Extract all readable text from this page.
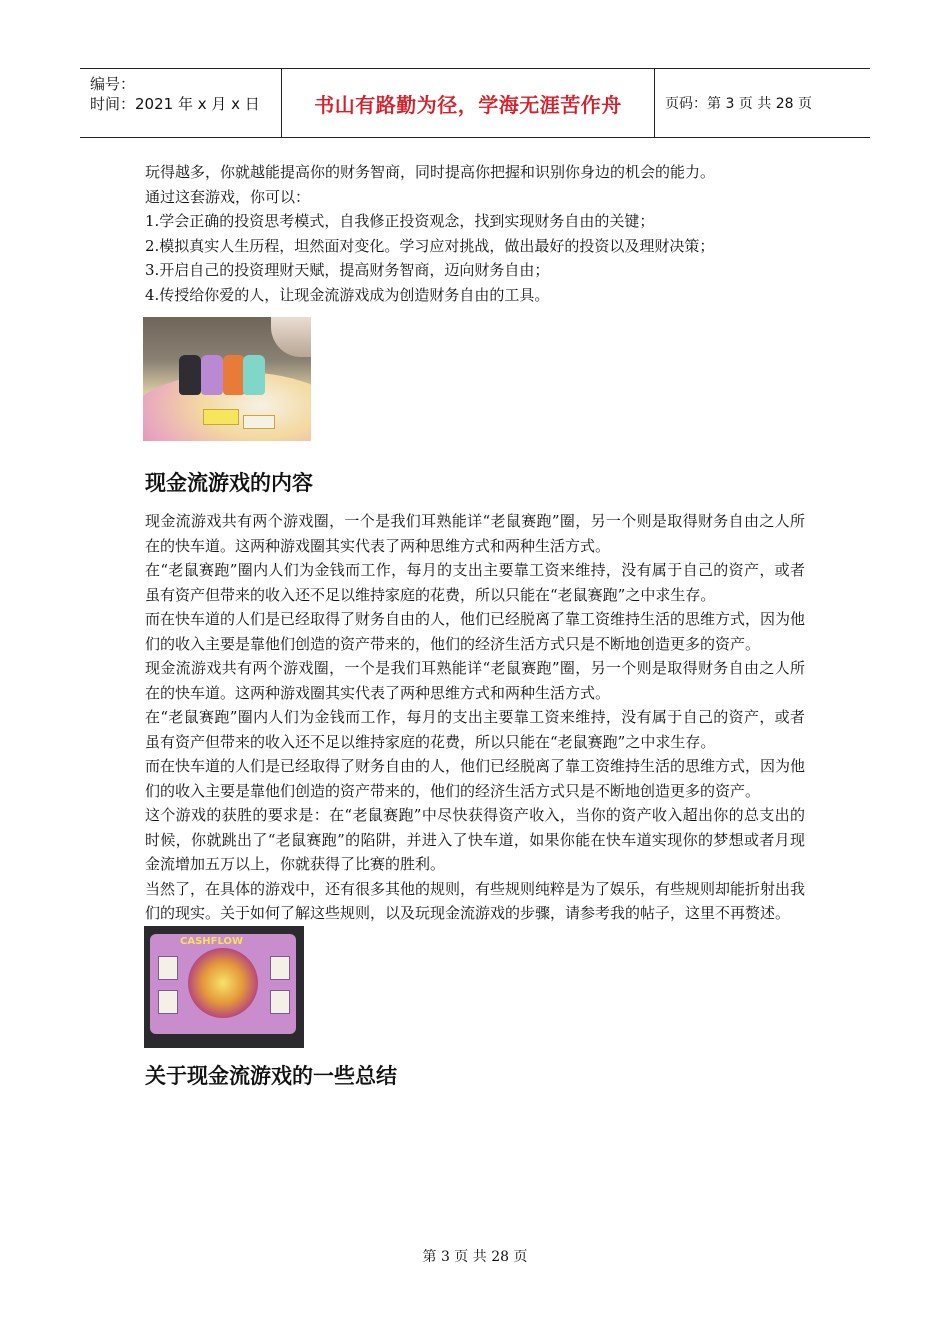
编号：
时间：2021 年 x 月 x 日	书山有路勤为径，学海无涯苦作舟	页码：第 3 页 共 28 页

玩得越多，你就越能提高你的财务智商，同时提高你把握和识别你身边的机会的能力。

通过这套游戏，你可以：

1.学会正确的投资思考模式，自我修正投资观念，找到实现财务自由的关键；

2.模拟真实人生历程，坦然面对变化。学习应对挑战，做出最好的投资以及理财决策；

3.开启自己的投资理财天赋，提高财务智商，迈向财务自由；

4.传授给你爱的人，让现金流游戏成为创造财务自由的工具。

现金流游戏的内容

现金流游戏共有两个游戏圈，一个是我们耳熟能详“老鼠赛跑”圈，另一个则是取得财务自由之人所在的快车道。这两种游戏圈其实代表了两种思维方式和两种生活方式。

在“老鼠赛跑”圈内人们为金钱而工作，每月的支出主要靠工资来维持，没有属于自己的资产，或者虽有资产但带来的收入还不足以维持家庭的花费，所以只能在“老鼠赛跑”之中求生存。

而在快车道的人们是已经取得了财务自由的人，他们已经脱离了靠工资维持生活的思维方式，因为他们的收入主要是靠他们创造的资产带来的，他们的经济生活方式只是不断地创造更多的资产。

现金流游戏共有两个游戏圈，一个是我们耳熟能详“老鼠赛跑”圈，另一个则是取得财务自由之人所在的快车道。这两种游戏圈其实代表了两种思维方式和两种生活方式。

在“老鼠赛跑”圈内人们为金钱而工作，每月的支出主要靠工资来维持，没有属于自己的资产，或者虽有资产但带来的收入还不足以维持家庭的花费，所以只能在“老鼠赛跑”之中求生存。

而在快车道的人们是已经取得了财务自由的人，他们已经脱离了靠工资维持生活的思维方式，因为他们的收入主要是靠他们创造的资产带来的，他们的经济生活方式只是不断地创造更多的资产。

这个游戏的获胜的要求是：在“老鼠赛跑”中尽快获得资产收入，当你的资产收入超出你的总支出的时候，你就跳出了“老鼠赛跑”的陷阱，并进入了快车道，如果你能在快车道实现你的梦想或者月现金流增加五万以上，你就获得了比赛的胜利。

当然了，在具体的游戏中，还有很多其他的规则，有些规则纯粹是为了娱乐，有些规则却能折射出我们的现实。关于如何了解这些规则，以及玩现金流游戏的步骤，请参考我的帖子，这里不再赘述。

CASHFLOW
关于现金流游戏的一些总结
第 3 页 共 28 页
